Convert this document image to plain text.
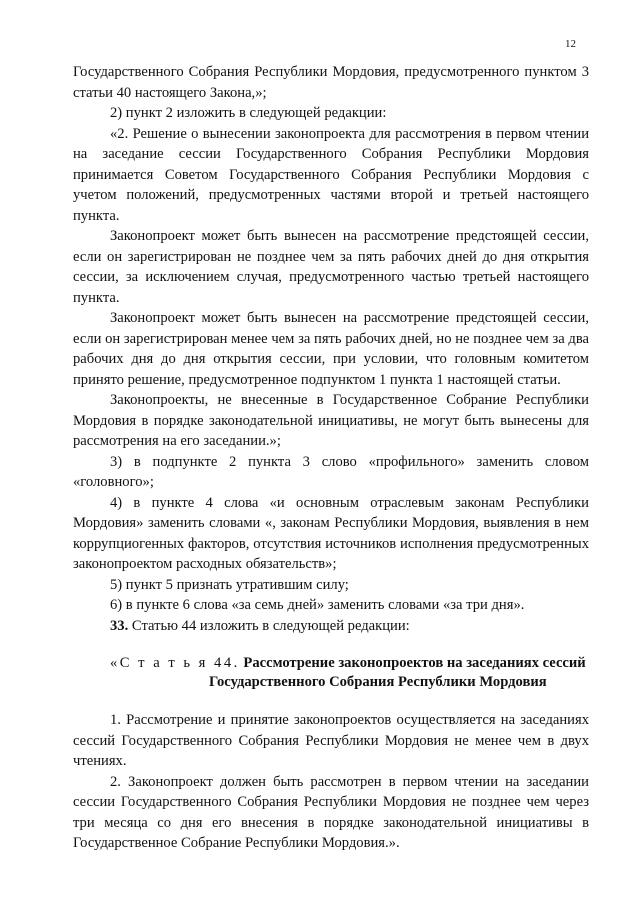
12

Государственного Собрания Республики Мордовия, предусмотренного пунктом 3 статьи 40 настоящего Закона,»;

2) пункт 2 изложить в следующей редакции:

«2. Решение о вынесении законопроекта для рассмотрения в первом чтении на заседание сессии Государственного Собрания Республики Мордовия принимается Советом Государственного Собрания Республики Мордовия с учетом положений, предусмотренных частями второй и третьей настоящего пункта.

Законопроект может быть вынесен на рассмотрение предстоящей сессии, если он зарегистрирован не позднее чем за пять рабочих дней до дня открытия сессии, за исключением случая, предусмотренного частью третьей настоящего пункта.

Законопроект может быть вынесен на рассмотрение предстоящей сессии, если он зарегистрирован менее чем за пять рабочих дней, но не позднее чем за два рабочих дня до дня открытия сессии, при условии, что головным комитетом принято решение, предусмотренное подпунктом 1 пункта 1 настоящей статьи.

Законопроекты, не внесенные в Государственное Собрание Республики Мордовия в порядке законодательной инициативы, не могут быть вынесены для рассмотрения на его заседании.»;

3) в подпункте 2 пункта 3 слово «профильного» заменить словом «головного»;

4) в пункте 4 слова «и основным отраслевым законам Республики Мордовия» заменить словами «, законам Республики Мордовия, выявления в нем коррупциогенных факторов, отсутствия источников исполнения предусмотренных законопроектом расходных обязательств»;

5) пункт 5 признать утратившим силу;

6) в пункте 6 слова «за семь дней» заменить словами «за три дня».

33. Статью 44 изложить в следующей редакции:

«С т а т ь я 44. Рассмотрение законопроектов на заседаниях сессий
Государственного Собрания Республики Мордовия

1. Рассмотрение и принятие законопроектов осуществляется на заседаниях сессий Государственного Собрания Республики Мордовия не менее чем в двух чтениях.

2. Законопроект должен быть рассмотрен в первом чтении на заседании сессии Государственного Собрания Республики Мордовия не позднее чем через три месяца со дня его внесения в порядке законодательной инициативы в Государственное Собрание Республики Мордовия.».
